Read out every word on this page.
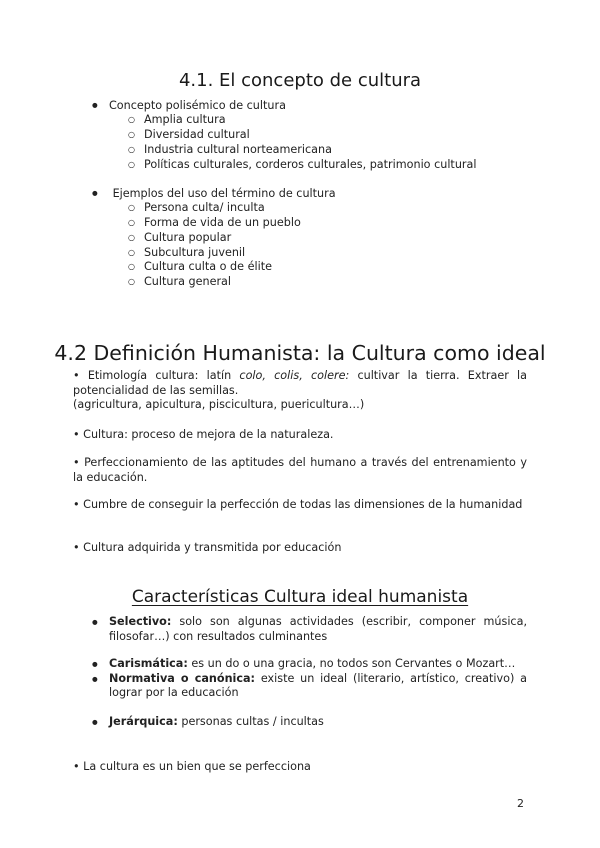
4.1. El concepto de cultura
● Concepto polisémico de cultura
○ Amplia cultura
○ Diversidad cultural
○ Industria cultural norteamericana
○ Políticas culturales, corderos culturales, patrimonio cultural
● Ejemplos del uso del término de cultura
○ Persona culta/ inculta
○ Forma de vida de un pueblo
○ Cultura popular
○ Subcultura juvenil
○ Cultura culta o de élite
○ Cultura general
4.2 Definición Humanista: la Cultura como ideal

• Etimología cultura: latín colo, colis, colere: cultivar la tierra. Extraer la potencialidad de las semillas.
(agricultura, apicultura, piscicultura, puericultura…)

• Cultura: proceso de mejora de la naturaleza.

• Perfeccionamiento de las aptitudes del humano a través del entrenamiento y la educación.

• Cumbre de conseguir la perfección de todas las dimensiones de la humanidad

• Cultura adquirida y transmitida por educación

Características Cultura ideal humanista
● Selectivo: solo son algunas actividades (escribir, componer música, filosofar…) con resultados culminantes
● Carismática: es un do o una gracia, no todos son Cervantes o Mozart…
● Normativa o canónica: existe un ideal (literario, artístico, creativo) a lograr por la educación
● Jerárquica: personas cultas / incultas

• La cultura es un bien que se perfecciona

2
